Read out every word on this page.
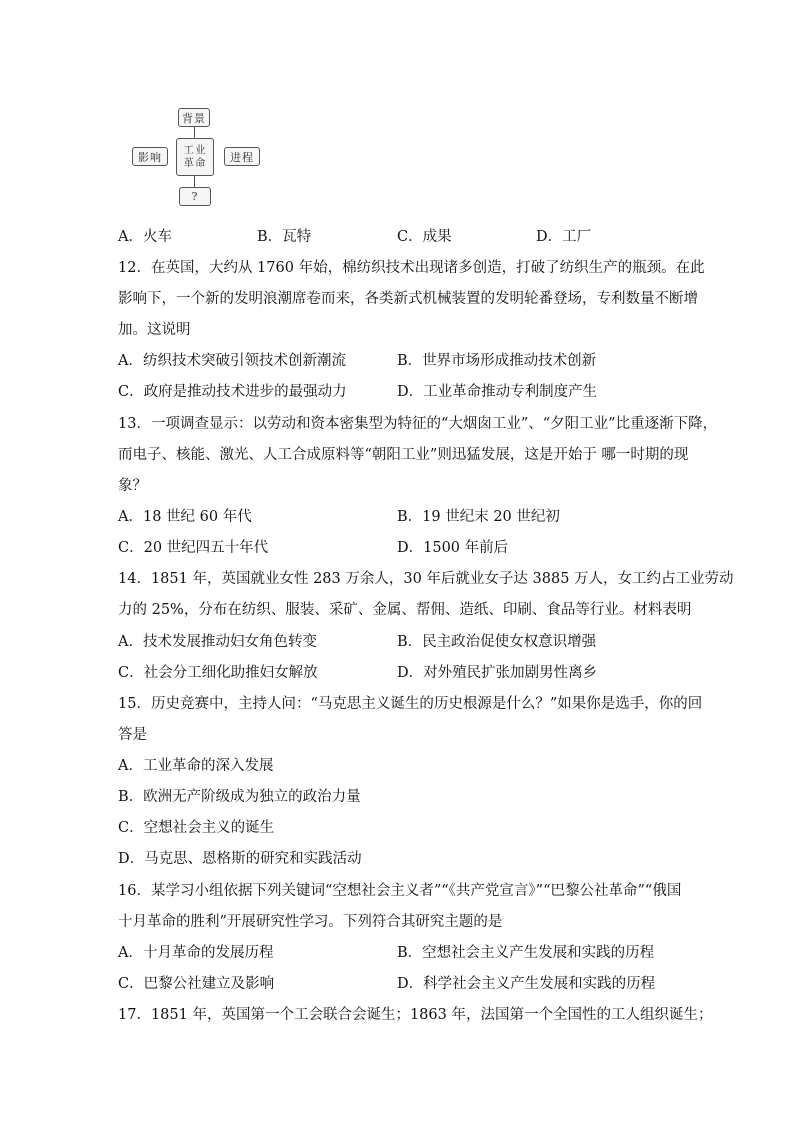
背景
工业
革命
影响	进程
?
A．火车	B．瓦特	C．成果	D．工厂
12．在英国，大约从 1760 年始，棉纺织技术出现诸多创造，打破了纺织生产的瓶颈。在此
影响下，一个新的发明浪潮席卷而来，各类新式机械装置的发明轮番登场，专利数量不断增
加。这说明
A．纺织技术突破引领技术创新潮流	B．世界市场形成推动技术创新
C．政府是推动技术进步的最强动力	D．工业革命推动专利制度产生
13．一项调查显示：以劳动和资本密集型为特征的“大烟囱工业”、“夕阳工业”比重逐渐下降，
而电子、核能、激光、人工合成原料等“朝阳工业”则迅猛发展，这是开始于 哪一时期的现
象？
A．18 世纪 60 年代	B．19 世纪末 20 世纪初
C．20 世纪四五十年代	D．1500 年前后
14．1851 年，英国就业女性 283 万余人，30 年后就业女子达 3885 万人，女工约占工业劳动
力的 25%，分布在纺织、服装、采矿、金属、帮佣、造纸、印刷、食品等行业。材料表明
A．技术发展推动妇女角色转变	B．民主政治促使女权意识增强
C．社会分工细化助推妇女解放	D．对外殖民扩张加剧男性离乡
15．历史竞赛中，主持人问：“马克思主义诞生的历史根源是什么？”如果你是选手，你的回
答是
A．工业革命的深入发展
B．欧洲无产阶级成为独立的政治力量
C．空想社会主义的诞生
D．马克思、恩格斯的研究和实践活动
16．某学习小组依据下列关键词“空想社会主义者”“《共产党宣言》”“巴黎公社革命”“俄国
十月革命的胜利”开展研究性学习。下列符合其研究主题的是
A．十月革命的发展历程	B．空想社会主义产生发展和实践的历程
C．巴黎公社建立及影响	D．科学社会主义产生发展和实践的历程
17．1851 年，英国第一个工会联合会诞生；1863 年，法国第一个全国性的工人组织诞生；
